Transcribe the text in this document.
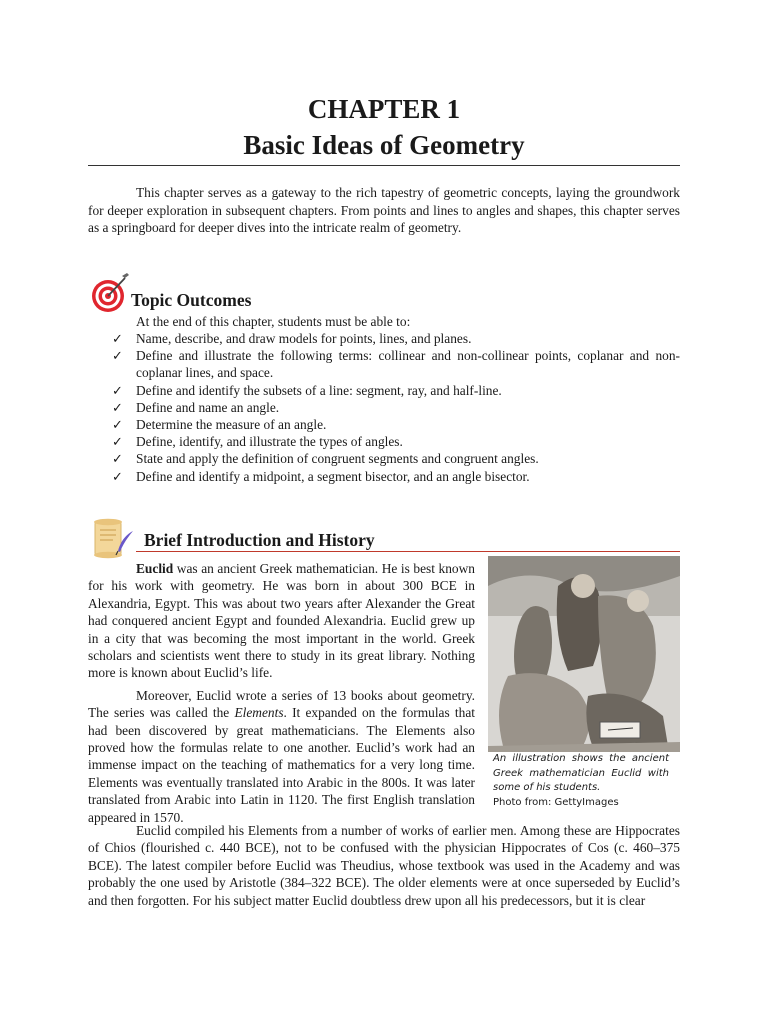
CHAPTER 1
Basic Ideas of Geometry

This chapter serves as a gateway to the rich tapestry of geometric concepts, laying the groundwork for deeper exploration in subsequent chapters. From points and lines to angles and shapes, this chapter serves as a springboard for deeper dives into the intricate realm of geometry.

Topic Outcomes

At the end of this chapter, students must be able to:

✓ Name, describe, and draw models for points, lines, and planes.
✓ Define and illustrate the following terms: collinear and non-collinear points, coplanar and non-coplanar lines, and space.
✓ Define and identify the subsets of a line: segment, ray, and half-line.
✓ Define and name an angle.
✓ Determine the measure of an angle.
✓ Define, identify, and illustrate the types of angles.
✓ State and apply the definition of congruent segments and congruent angles.
✓ Define and identify a midpoint, a segment bisector, and an angle bisector.
Brief Introduction and History

Euclid was an ancient Greek mathematician. He is best known for his work with geometry. He was born in about 300 BCE in Alexandria, Egypt. This was about two years after Alexander the Great had conquered ancient Egypt and founded Alexandria. Euclid grew up in a city that was becoming the most important in the world. Greek scholars and scientists went there to study in its great library. Nothing more is known about Euclid’s life.

Moreover, Euclid wrote a series of 13 books about geometry. The series was called the Elements. It expanded on the formulas that had been discovered by great mathematicians. The Elements also proved how the formulas relate to one another. Euclid’s work had an immense impact on the teaching of mathematics for a very long time. Elements was eventually translated into Arabic in the 800s. It was later translated from Arabic into Latin in 1120. The first English translation appeared in 1570.

An illustration shows the ancient Greek mathematician Euclid with some of his students.

Photo from: GettyImages

Euclid compiled his Elements from a number of works of earlier men. Among these are Hippocrates of Chios (flourished c. 440 BCE), not to be confused with the physician Hippocrates of Cos (c. 460–375 BCE). The latest compiler before Euclid was Theudius, whose textbook was used in the Academy and was probably the one used by Aristotle (384–322 BCE). The older elements were at once superseded by Euclid’s and then forgotten. For his subject matter Euclid doubtless drew upon all his predecessors, but it is clear
